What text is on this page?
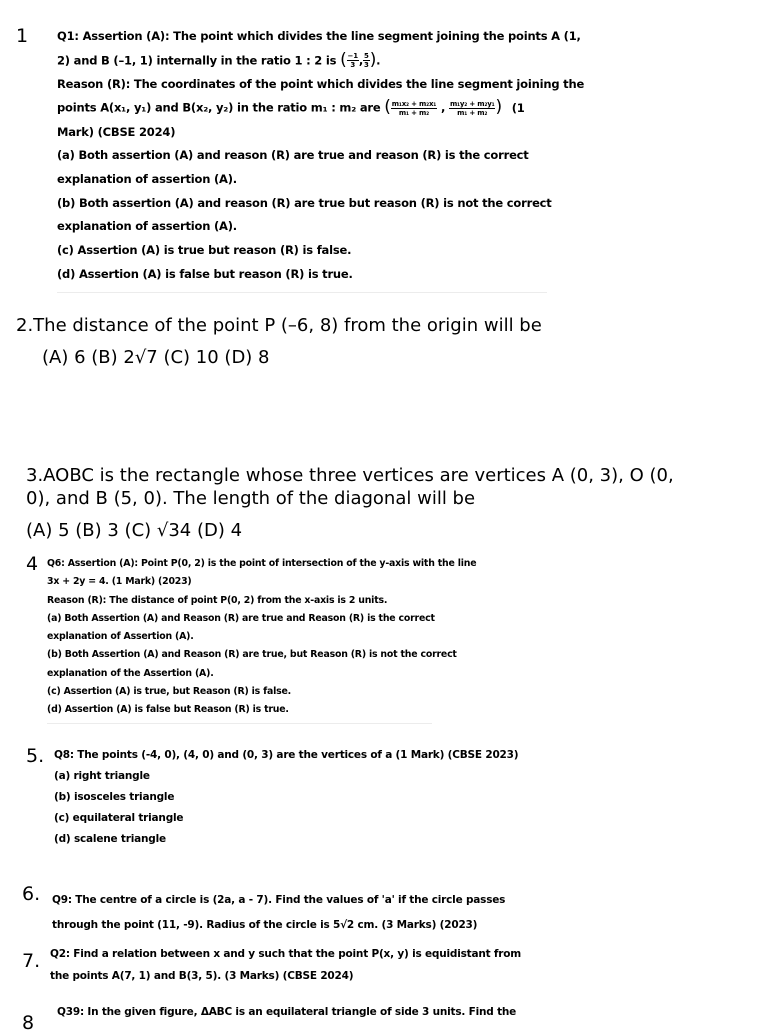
1	Q1: Assertion (A): The point which divides the line segment joining the points A (1,
2) and B (–1, 1) internally in the ratio 1 : 2 is ( $\frac{-1}{3}$ , $\frac{5}{3}$ ).
Reason (R): The coordinates of the point which divides the line segment joining the
points A(x₁, y₁) and B(x₂, y₂) in the ratio m₁ : m₂ are ( $\frac{\text{m₁x₂ + m₂x₁}}{\text{m₁ + m₂}}$ , $\frac{\text{m₁y₂ + m₂y₁}}{\text{m₁ + m₂}}$ ) (1
Mark) (CBSE 2024)
(a) Both assertion (A) and reason (R) are true and reason (R) is the correct
explanation of assertion (A).
(b) Both assertion (A) and reason (R) are true but reason (R) is not the correct
explanation of assertion (A).
(c) Assertion (A) is true but reason (R) is false.
(d) Assertion (A) is false but reason (R) is true.
2.The distance of the point P (–6, 8) from the origin will be
(A) 6 (B) 2√7 (C) 10 (D) 8
3.AOBC is the rectangle whose three vertices are vertices A (0, 3), O (0,
0), and B (5, 0). The length of the diagonal will be
(A) 5 (B) 3 (C) √34 (D) 4
4 Q6: Assertion (A): Point P(0, 2) is the point of intersection of the y-axis with the line
3x + 2y = 4. (1 Mark) (2023)
Reason (R): The distance of point P(0, 2) from the x-axis is 2 units.
(a) Both Assertion (A) and Reason (R) are true and Reason (R) is the correct
explanation of Assertion (A).
(b) Both Assertion (A) and Reason (R) are true, but Reason (R) is not the correct
explanation of the Assertion (A).
(c) Assertion (A) is true, but Reason (R) is false.
(d) Assertion (A) is false but Reason (R) is true.
5. Q8: The points (-4, 0), (4, 0) and (0, 3) are the vertices of a (1 Mark) (CBSE 2023)
(a) right triangle
(b) isosceles triangle
(c) equilateral triangle
(d) scalene triangle
6. Q9: The centre of a circle is (2a, a - 7). Find the values of 'a' if the circle passes
through the point (11, -9). Radius of the circle is 5√2 cm. (3 Marks) (2023)
7. Q2: Find a relation between x and y such that the point P(x, y) is equidistant from
the points A(7, 1) and B(3, 5). (3 Marks) (CBSE 2024)
8 Q39: In the given figure, ΔABC is an equilateral triangle of side 3 units. Find the
